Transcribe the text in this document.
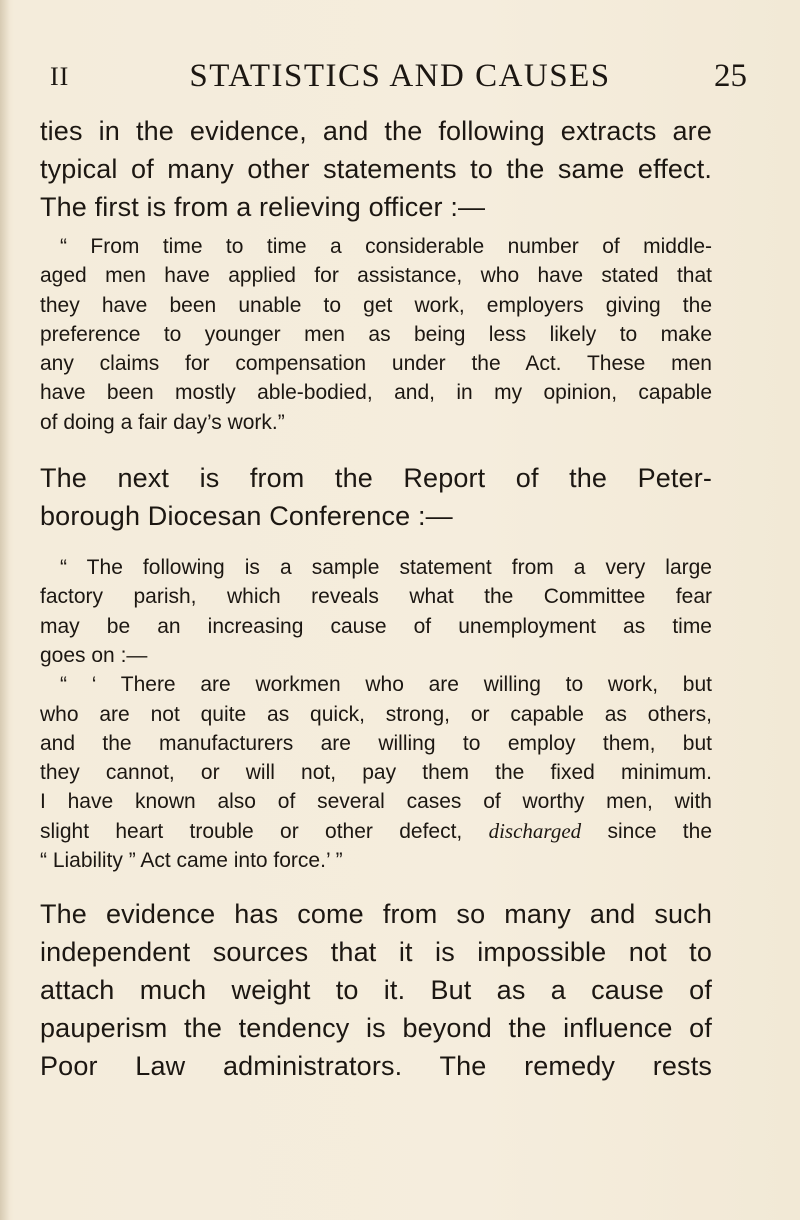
II	STATISTICS AND CAUSES	25

ties in the evidence, and the following extracts are
typical of many other statements to the same effect.
The first is from a relieving officer :—

“ From time to time a considerable number of middle-
aged men have applied for assistance, who have stated that
they have been unable to get work, employers giving the
preference to younger men as being less likely to make
any claims for compensation under the Act. These men
have been mostly able-bodied, and, in my opinion, capable
of doing a fair day’s work.”

The next is from the Report of the Peter-
borough Diocesan Conference :—

“ The following is a sample statement from a very large
factory parish, which reveals what the Committee fear
may be an increasing cause of unemployment as time
goes on :—

“ ‘ There are workmen who are willing to work, but
who are not quite as quick, strong, or capable as others,
and the manufacturers are willing to employ them, but
they cannot, or will not, pay them the fixed minimum.
I have known also of several cases of worthy men, with
slight heart trouble or other defect, discharged since the
“ Liability ” Act came into force.’ ”

The evidence has come from so many and such
independent sources that it is impossible not to
attach much weight to it. But as a cause of
pauperism the tendency is beyond the influence of
Poor Law administrators. The remedy rests
